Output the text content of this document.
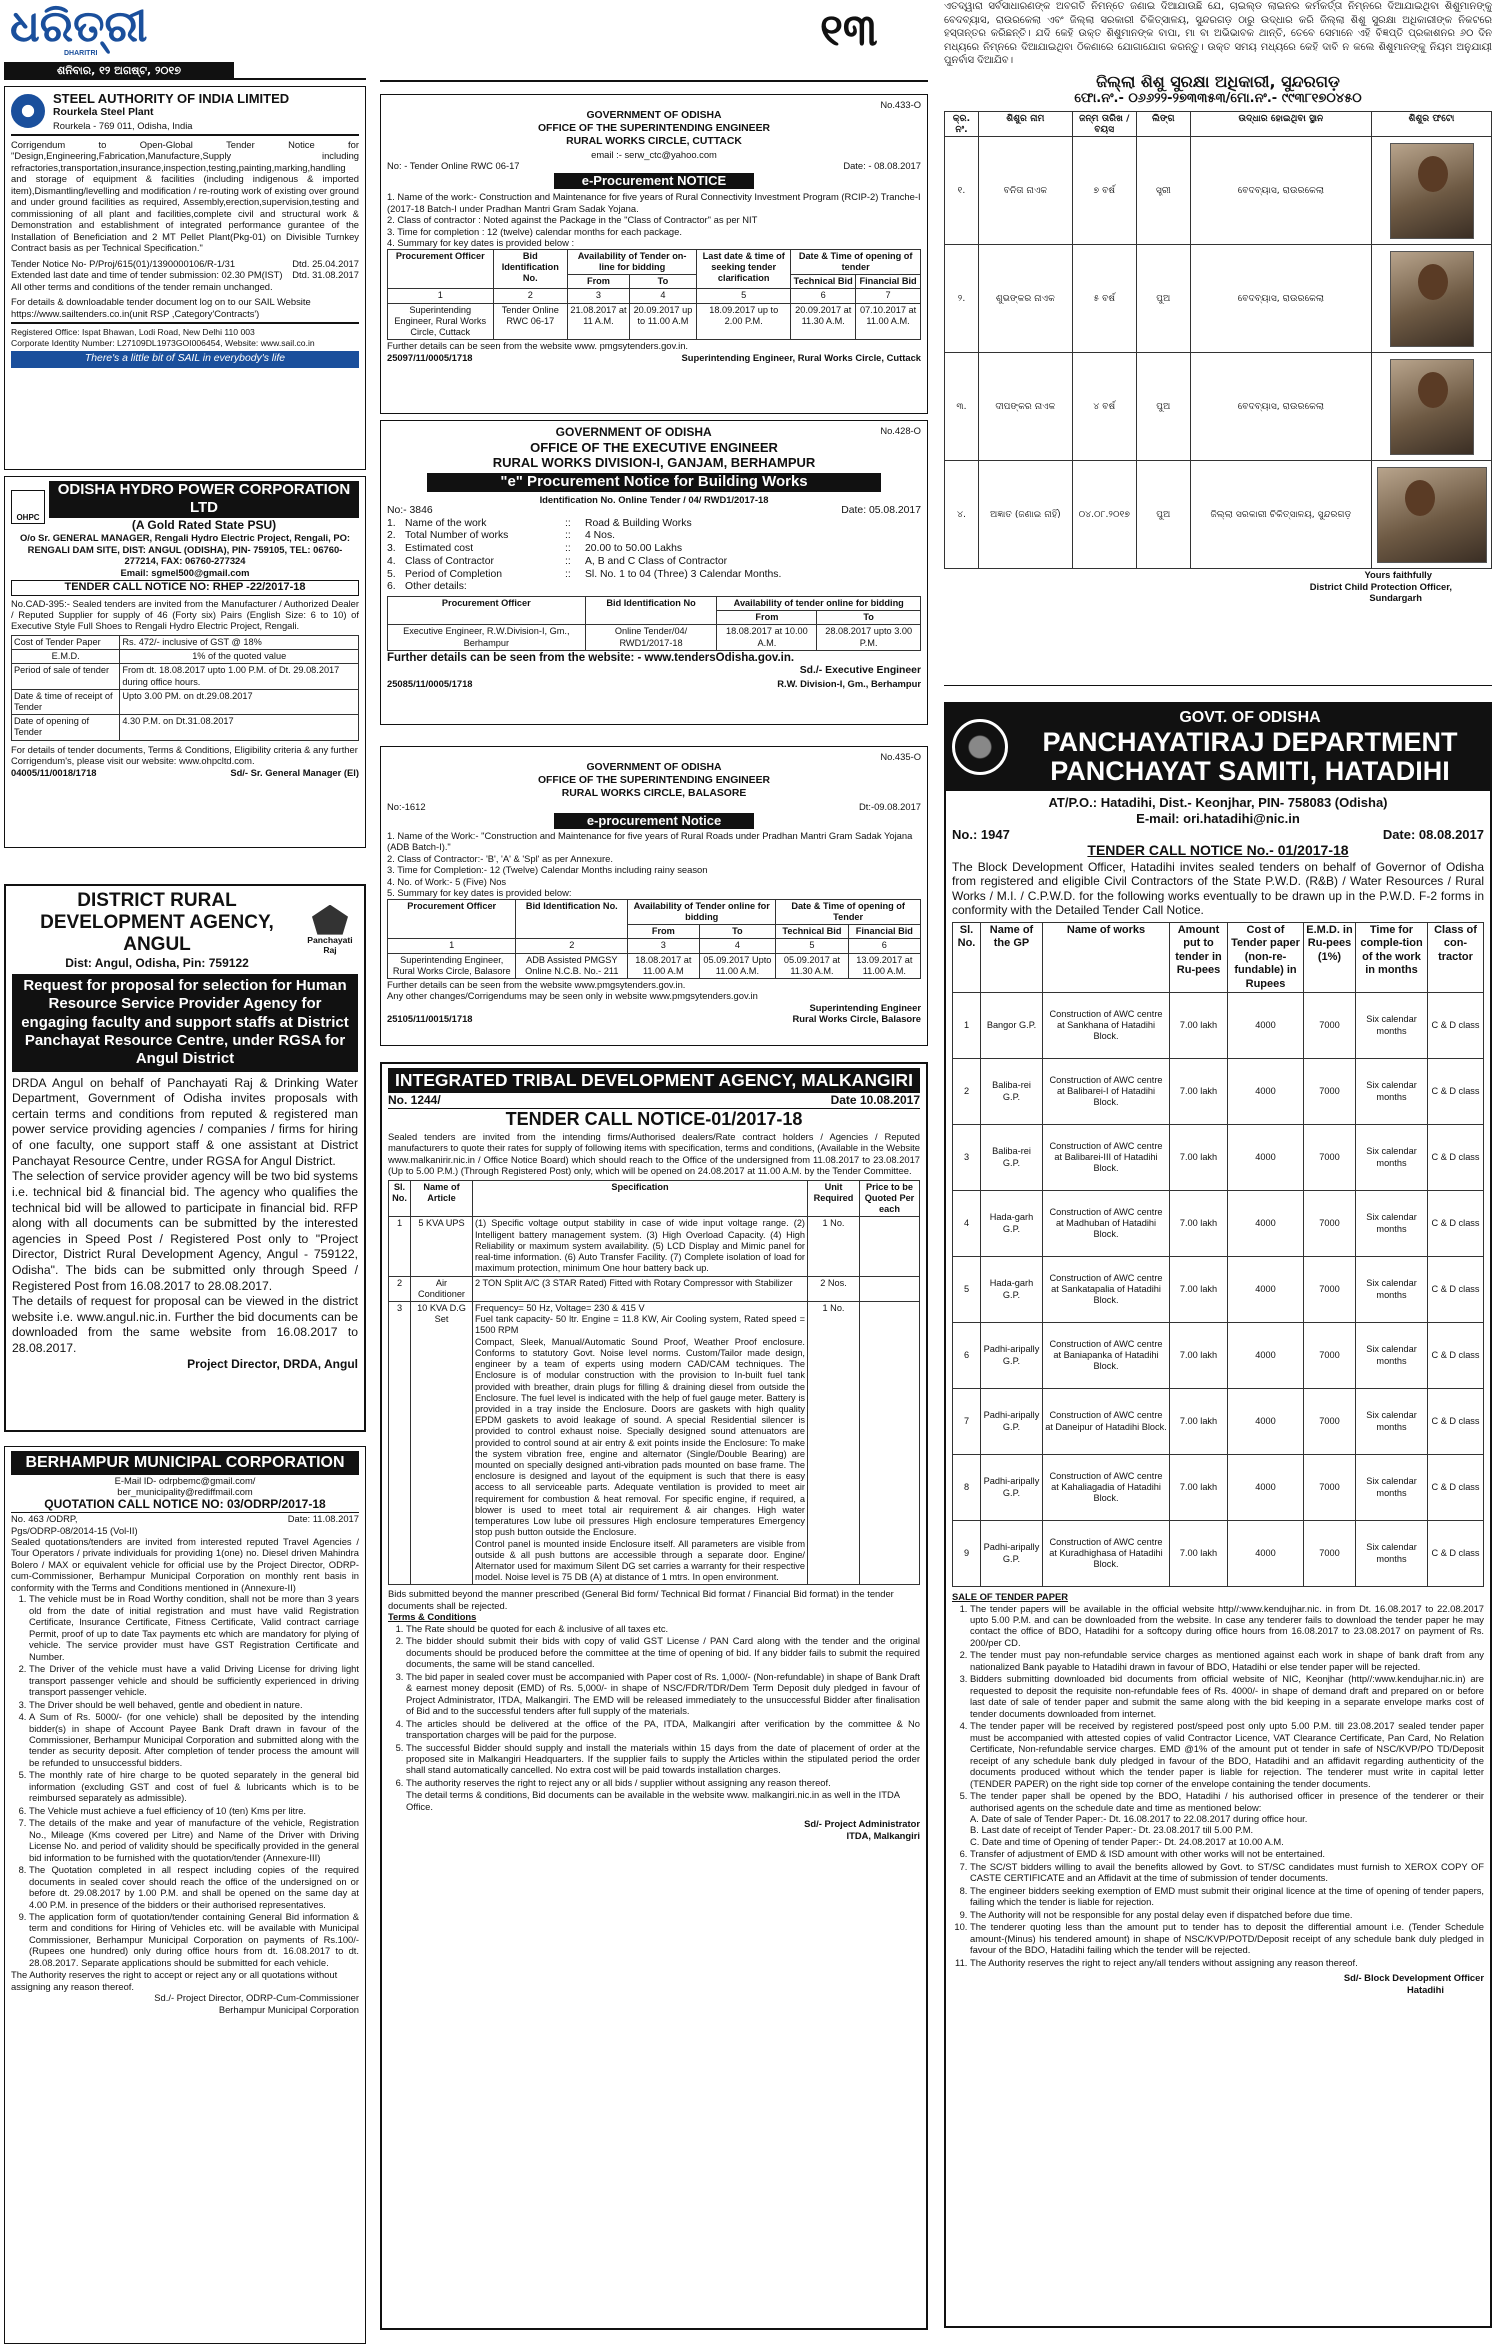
ଧରିତ୍ରୀ
DHARITRI
ଶନିବାର, ୧୨ ଅଗଷ୍ଟ, ୨୦୧୭
STEEL AUTHORITY OF INDIA LIMITED
Rourkela Steel Plant
Rourkela - 769 011, Odisha, India
Corrigendum to Open-Global Tender Notice for "Design,Engineering,Fabrication,Manufacture,Supply including refractories,transportation,insurance,inspection,testing,painting,marking,handling and storage of equipment & facilities (including indigenous & imported item),Dismantling/levelling and modification / re-routing work of existing over ground and under ground facilities as required, Assembly,erection,supervision,testing and commissioning of all plant and facilities,complete civil and structural work & Demonstration and establishment of integrated performance gurantee of the Installation of Beneficiation and 2 MT Pellet Plant(Pkg-01) on Divisible Turnkey Contract basis as per Technical Specification."
Tender Notice No- P/Proj/615(01)/1390000106/R-1/31	Dtd. 25.04.2017
Extended last date and time of tender submission: 02.30 PM(IST) Dtd. 31.08.2017
All other terms and conditions of the tender remain unchanged.
For details & downloadable tender document log on to our SAIL Website https://www.sailtenders.co.in(unit RSP ,Category'Contracts')
Registered Office: Ispat Bhawan, Lodi Road, New Delhi 110 003
Corporate Identity Number: L27109DL1973GOI006454, Website: www.sail.co.in
There's a little bit of SAIL in everybody's life
OHPC
ODISHA HYDRO POWER CORPORATION LTD
(A Gold Rated State PSU)
O/o Sr. GENERAL MANAGER, Rengali Hydro Electric Project, Rengali, PO: RENGALI DAM SITE, DIST: ANGUL (ODISHA), PIN- 759105, TEL: 06760-277214, FAX: 06760-277324
Email: sgmel500@gmail.com
TENDER CALL NOTICE NO: RHEP -22/2017-18
No.CAD-395:- Sealed tenders are invited from the Manufacturer / Authorized Dealer / Reputed Supplier for supply of 46 (Forty six) Pairs (English Size: 6 to 10) of Executive Style Full Shoes to Rengali Hydro Electric Project, Rengali.
Cost of Tender Paper	Rs. 472/- inclusive of GST @ 18%
E.M.D.	1% of the quoted value
Period of sale of tender	From dt. 18.08.2017 upto 1.00 P.M. of Dt. 29.08.2017 during office hours.
Date & time of receipt of Tender	Upto 3.00 PM. on dt.29.08.2017
Date of opening of Tender	4.30 P.M. on Dt.31.08.2017
For details of tender documents, Terms & Conditions, Eligibility criteria & any further Corrigendum's, please visit our website: www.ohpcltd.com.
04005/11/0018/1718	Sd/- Sr. General Manager (El)
DISTRICT RURAL DEVELOPMENT AGENCY, ANGUL
Dist: Angul, Odisha, Pin: 759122
Panchayati Raj
Request for proposal for selection for Human Resource Service Provider Agency for engaging faculty and support staffs at District Panchayat Resource Centre, under RGSA for Angul District
DRDA Angul on behalf of Panchayati Raj & Drinking Water Department, Government of Odisha invites proposals with certain terms and conditions from reputed & registered man power service providing agencies / companies / firms for hiring of one faculty, one support staff & one assistant at District Panchayat Resource Centre, under RGSA for Angul District.
The selection of service provider agency will be two bid systems i.e. technical bid & financial bid. The agency who qualifies the technical bid will be allowed to participate in financial bid. RFP along with all documents can be submitted by the interested agencies in Speed Post / Registered Post only to "Project Director, District Rural Development Agency, Angul - 759122, Odisha". The bids can be submitted only through Speed / Registered Post from 16.08.2017 to 28.08.2017.
The details of request for proposal can be viewed in the district website i.e. www.angul.nic.in. Further the bid documents can be downloaded from the same website from 16.08.2017 to 28.08.2017.
Project Director, DRDA, Angul
BERHAMPUR MUNICIPAL CORPORATION
E-Mail ID- odrpbemc@gmail.com/
ber_municipality@rediffmail.com
QUOTATION CALL NOTICE NO: 03/ODRP/2017-18
No. 463 /ODRP,	Date: 11.08.2017
Pgs/ODRP-08/2014-15 (Vol-II)
Sealed quotations/tenders are invited from interested reputed Travel Agencies / Tour Operators / private individuals for providing 1(one) no. Diesel driven Mahindra Bolero / MAX or equivalent vehicle for official use by the Project Director, ODRP-cum-Commissioner, Berhampur Municipal Corporation on monthly rent basis in conformity with the Terms and Conditions mentioned in (Annexure-II)
1. The vehicle must be in Road Worthy condition, shall not be more than 3 years old from the date of initial registration and must have valid Registration Certificate, Insurance Certificate, Fitness Certificate, Valid contract carriage Permit, proof of up to date Tax payments etc which are mandatory for plying of vehicle. The service provider must have GST Registration Certificate and Number.
2. The Driver of the vehicle must have a valid Driving License for driving light transport passenger vehicle and should be sufficiently experienced in driving transport passenger vehicle.
3. The Driver should be well behaved, gentle and obedient in nature.
4. A Sum of Rs. 5000/- (for one vehicle) shall be deposited by the intending bidder(s) in shape of Account Payee Bank Draft drawn in favour of the Commissioner, Berhampur Municipal Corporation and submitted along with the tender as security deposit. After completion of tender process the amount will be refunded to unsuccessful bidders.
5. The monthly rate of hire charge to be quoted separately in the general bid information (excluding GST and cost of fuel & lubricants which is to be reimbursed separately as admissible).
6. The Vehicle must achieve a fuel efficiency of 10 (ten) Kms per litre.
7. The details of the make and year of manufacture of the vehicle, Registration No., Mileage (Kms covered per Litre) and Name of the Driver with Driving License No. and period of validity should be specifically provided in the general bid information to be furnished with the quotation/tender (Annexure-III)
8. The Quotation completed in all respect including copies of the required documents in sealed cover should reach the office of the undersigned on or before dt. 29.08.2017 by 1.00 P.M. and shall be opened on the same day at 4.00 P.M. in presence of the bidders or their authorised representatives.
9. The application form of quotation/tender containing General Bid information & term and conditions for Hiring of Vehicles etc. will be available with Municipal Commissioner, Berhampur Municipal Corporation on payments of Rs.100/- (Rupees one hundred) only during office hours from dt. 16.08.2017 to dt. 28.08.2017. Separate applications should be submitted for each vehicle.
The Authority reserves the right to accept or reject any or all quotations without assigning any reason thereof.
Sd./- Project Director, ODRP-Cum-Commissioner
Berhampur Municipal Corporation
୧୩
No.433-O
GOVERNMENT OF ODISHA
OFFICE OF THE SUPERINTENDING ENGINEER
RURAL WORKS CIRCLE, CUTTACK
email :- serw_ctc@yahoo.com
No: - Tender Online RWC 06-17	Date: - 08.08.2017
e-Procurement NOTICE
1. Name of the work:- Construction and Maintenance for five years of Rural Connectivity Investment Program (RCIP-2) Tranche-I (2017-18 Batch-I under Pradhan Mantri Gram Sadak Yojana.
2. Class of contractor : Noted against the Package in the "Class of Contractor" as per NIT
3. Time for completion : 12 (twelve) calendar months for each package.
4. Summary for key dates is provided below :
Procurement Officer	Bid Identification No.	Availability of Tender on-line for bidding		Last date & time of seeking tender clarification	Date & Time of opening of tender	
		From	To		Technical Bid	Financial Bid
1	2	3	4	5	6	7
Superintending Engineer, Rural Works Circle, Cuttack	Tender Online RWC 06-17	21.08.2017 at 11 A.M.	20.09.2017 up to 11.00 A.M	18.09.2017 up to 2.00 P.M.	20.09.2017 at 11.30 A.M.	07.10.2017 at 11.00 A.M.
Further details can be seen from the website www. pmgsytenders.gov.in.
25097/11/0005/1718	Superintending Engineer, Rural Works Circle, Cuttack
GOVERNMENT OF ODISHA	No.428-O
OFFICE OF THE EXECUTIVE ENGINEER
RURAL WORKS DIVISION-I, GANJAM, BERHAMPUR
"e" Procurement Notice for Building Works
Identification No. Online Tender / 04/ RWD1/2017-18
No:- 3846	Date: 05.08.2017
1. Name of the work	::	Road & Building Works
2. Total Number of works	::	4 Nos.
3. Estimated cost	::	20.00 to 50.00 Lakhs
4. Class of Contractor	::	A, B and C Class of Contractor
5. Period of Completion	::	Sl. No. 1 to 04 (Three) 3 Calendar Months.
6. Other details:
Procurement Officer	Bid Identification No	Availability of tender online for bidding	
		From	To
Executive Engineer, R.W.Division-I, Gm., Berhampur	Online Tender/04/ RWD1/2017-18	18.08.2017 at 10.00 A.M.	28.08.2017 upto 3.00 P.M.
Further details can be seen from the website: - www.tendersOdisha.gov.in.
Sd./- Executive Engineer
25085/11/0005/1718	R.W. Division-I, Gm., Berhampur
No.435-O
GOVERNMENT OF ODISHA
OFFICE OF THE SUPERINTENDING ENGINEER
RURAL WORKS CIRCLE, BALASORE
No:-1612	Dt:-09.08.2017
e-procurement Notice
1. Name of the Work:- "Construction and Maintenance for five years of Rural Roads under Pradhan Mantri Gram Sadak Yojana (ADB Batch-I)."
2. Class of Contractor:- 'B', 'A' & 'Spl' as per Annexure.
3. Time for Completion:- 12 (Twelve) Calendar Months including rainy season
4. No. of Work:- 5 (Five) Nos
5. Summary for key dates is provided below:
Procurement Officer	Bid Identification No.	Availability of Tender online for bidding		Date & Time of opening of Tender	
		From	To	Technical Bid	Financial Bid
1	2	3	4	5	6
Superintending Engineer, Rural Works Circle, Balasore	ADB Assisted PMGSY Online N.C.B. No.- 211	18.08.2017 at 11.00 A.M	05.09.2017 Upto 11.00 A.M.	05.09.2017 at 11.30 A.M.	13.09.2017 at 11.00 A.M.
Further details can be seen from the website www.pmgsytenders.gov.in.
Any other changes/Corrigendums may be seen only in website www.pmgsytenders.gov.in
Superintending Engineer
25105/11/0015/1718	Rural Works Circle, Balasore
INTEGRATED TRIBAL DEVELOPMENT AGENCY, MALKANGIRI
No. 1244/	Date 10.08.2017
TENDER CALL NOTICE-01/2017-18
Sealed tenders are invited from the intending firms/Authorised dealers/Rate contract holders / Agencies / Reputed manufacturers to quote their rates for supply of following items with specification, terms and conditions, (Available in the Website www.malkanirir.nic.in / Office Notice Board) which should reach to the Office of the undersigned from 11.08.2017 to 23.08.2017 (Up to 5.00 P.M.) (Through Registered Post) only, which will be opened on 24.08.2017 at 11.00 A.M. by the Tender Committee.
Sl. No.	Name of Article	Specification	Unit Required	Price to be Quoted Per each
1	5 KVA UPS	(1) Specific voltage output stability in case of wide input voltage range. (2) Intelligent battery management system. (3) High Overload Capacity. (4) High Reliability or maximum system availability. (5) LCD Display and Mimic panel for real-time information. (6) Auto Transfer Facility. (7) Complete isolation of load for maximum protection, minimum One hour battery back up.	1 No.	
2	Air Conditioner	2 TON Split A/C (3 STAR Rated) Fitted with Rotary Compressor with Stabilizer	2 Nos.	
3	10 KVA D.G Set	Frequency= 50 Hz, Voltage= 230 & 415 V
Fuel tank capacity- 50 ltr. Engine = 11.8 KW, Air Cooling system, Rated speed = 1500 RPM
Compact, Sleek, Manual/Automatic Sound Proof, Weather Proof enclosure. Conforms to statutory Govt. Noise level norms. Custom/Tailor made design, engineer by a team of experts using modern CAD/CAM techniques. The Enclosure is of modular construction with the provision to In-built fuel tank provided with breather, drain plugs for filling & draining diesel from outside the Enclosure. The fuel level is indicated with the help of fuel gauge meter. Battery is provided in a tray inside the Enclosure. Doors are gaskets with high quality EPDM gaskets to avoid leakage of sound. A special Residential silencer is provided to control exhaust noise. Specially designed sound attenuators are provided to control sound at air entry & exit points inside the Enclosure: To make the system vibration free, engine and alternator (Single/Double Bearing) are mounted on specially designed anti-vibration pads mounted on base frame. The enclosure is designed and layout of the equipment is such that there is easy access to all serviceable parts. Adequate ventilation is provided to meet air requirement for combustion & heat removal. For specific engine, if required, a blower is used to meet total air requirement & air changes. High water temperatures Low lube oil pressures High enclosure temperatures Emergency stop push button outside the Enclosure.
Control panel is mounted inside Enclosure itself. All parameters are visible from outside & all push buttons are accessible through a separate door. Engine/ Alternator used for maximum Silent DG set carries a warranty for their respective model. Noise level is 75 DB (A) at distance of 1 mtrs. In open environment.	1 No.	
Bids submitted beyond the manner prescribed (General Bid form/ Technical Bid format / Financial Bid format) in the tender documents shall be rejected.
Terms & Conditions
1. The Rate should be quoted for each & inclusive of all taxes etc.
2. The bidder should submit their bids with copy of valid GST License / PAN Card along with the tender and the original documents should be produced before the committee at the time of opening of bid. If any bidder fails to submit the required documents, the same will be stand cancelled.
3. The bid paper in sealed cover must be accompanied with Paper cost of Rs. 1,000/- (Non-refundable) in shape of Bank Draft & earnest money deposit (EMD) of Rs. 5,000/- in shape of NSC/FDR/TDR/Dem Term Deposit duly pledged in favour of Project Administrator, ITDA, Malkangiri. The EMD will be released immediately to the unsuccessful Bidder after finalisation of Bid and to the successful tenders after full supply of the materials.
4. The articles should be delivered at the office of the PA, ITDA, Malkangiri after verification by the committee & No transportation charges will be paid for the purpose.
5. The successful Bidder should supply and install the materials within 15 days from the date of placement of order at the proposed site in Malkangiri Headquarters. If the supplier fails to supply the Articles within the stipulated period the order shall stand automatically cancelled. No extra cost will be paid towards installation charges.
6. The authority reserves the right to reject any or all bids / supplier without assigning any reason thereof.
The detail terms & conditions, Bid documents can be available in the website www. malkangiri.nic.in as well in the ITDA Office.
Sd/- Project Administrator
ITDA, Malkangiri
ଏତଦ୍ୱାରା ସର୍ବସାଧାରଣଙ୍କ ଅବଗତି ନିମନ୍ତେ ଜଣାଇ ଦିଆଯାଉଛି ଯେ, ଚାଇଲ୍ଡ ଲାଇନର କର୍ମକର୍ତ୍ତା ନିମ୍ନରେ ଦିଆଯାଇଥିବା ଶିଶୁମାନଙ୍କୁ ବେଦବ୍ୟାସ, ରାଉରକେଲା ଏବଂ ଜିଲ୍ଲା ସରକାରୀ ଚିକିତ୍ସାଳୟ, ସୁନ୍ଦରଗଡ଼ ଠାରୁ ଉଦ୍ଧାର କରି ଜିଲ୍ଲା ଶିଶୁ ସୁରକ୍ଷା ଅଧିକାରୀଙ୍କ ନିକଟରେ ହସ୍ତାନ୍ତର କରିଛନ୍ତି। ଯଦି କେହି ଉକ୍ତ ଶିଶୁମାନଙ୍କ ବାପା, ମା ବା ଅଭିଭାବକ ଥାନ୍ତି, ତେବେ ସେମାନେ ଏହି ବିଜ୍ଞପ୍ତି ପ୍ରକାଶନର ୬୦ ଦିନ ମଧ୍ୟରେ ନିମ୍ନରେ ଦିଆଯାଇଥିବା ଠିକଣାରେ ଯୋଗାଯୋଗ କରନ୍ତୁ। ଉକ୍ତ ସମୟ ମଧ୍ୟରେ କେହି ଦାବି ନ କଲେ ଶିଶୁମାନଙ୍କୁ ନିୟମ ଅନୁଯାୟୀ ପୁନର୍ବାସ ଦିଆଯିବ।
ଜିଲ୍ଲା ଶିଶୁ ସୁରକ୍ଷା ଅଧିକାରୀ, ସୁନ୍ଦରଗଡ଼
ଫୋ.ନଂ.- ୦୬୬୨୨-୨୭୩୩୫୩/ମୋ.ନଂ.- ୯୯୩୮୧୭୦୪୫୦
କ୍ର. ନଂ.	ଶିଶୁର ନାମ	ଜନ୍ମ ତାରିଖ / ବୟସ	ଲିଙ୍ଗ	ଉଦ୍ଧାର ହୋଇଥିବା ସ୍ଥାନ	ଶିଶୁର ଫଟୋ
୧.	ବନିତା ନାଏକ	୭ ବର୍ଷ	ସ୍ତ୍ରୀ	ବେଦବ୍ୟାସ, ରାଉରକେଲା	

୨.	ଶୁଭଙ୍କର ନାଏକ	୫ ବର୍ଷ	ପୁଅ	ବେଦବ୍ୟାସ, ରାଉରକେଲା	

୩.	ଦୀପଙ୍କର ନାଏକ	୪ ବର୍ଷ	ପୁଅ	ବେଦବ୍ୟାସ, ରାଉରକେଲା	

୪.	ଅଜ୍ଞାତ (ଜଣାଇ ନାହିଁ)	୦୪.୦୮.୨୦୧୭	ପୁଅ	ଜିଲ୍ଲା ସରକାରୀ ଚିକିତ୍ସାଳୟ, ସୁନ୍ଦରଗଡ଼	
Yours faithfully
District Child Protection Officer,
Sundargarh
GOVT. OF ODISHA
PANCHAYATIRAJ DEPARTMENT
PANCHAYAT SAMITI, HATADIHI
AT/P.O.: Hatadihi, Dist.- Keonjhar, PIN- 758083 (Odisha)
E-mail: ori.hatadihi@nic.in
No.: 1947	Date: 08.08.2017
TENDER CALL NOTICE No.- 01/2017-18
The Block Development Officer, Hatadihi invites sealed tenders on behalf of Governor of Odisha from registered and eligible Civil Contractors of the State P.W.D. (R&B) / Water Resources / Rural Works / M.I. / C.P.W.D. for the following works eventually to be drawn up in the P.W.D. F-2 forms in conformity with the Detailed Tender Call Notice.
Sl. No.	Name of the GP	Name of works	Amount put to tender in Ru-pees	Cost of Tender paper (non-re-fundable) in Rupees	E.M.D. in Ru-pees (1%)	Time for comple-tion of the work in months	Class of con-tractor
1	Bangor G.P.	Construction of AWC centre at Sankhana of Hatadihi Block.	7.00 lakh	4000	7000	Six calendar months	C & D class
2	Baliba-rei G.P.	Construction of AWC centre at Balibarei-I of Hatadihi Block.	7.00 lakh	4000	7000	Six calendar months	C & D class
3	Baliba-rei G.P.	Construction of AWC centre at Balibarei-III of Hatadihi Block.	7.00 lakh	4000	7000	Six calendar months	C & D class
4	Hada-garh G.P.	Construction of AWC centre at Madhuban of Hatadihi Block.	7.00 lakh	4000	7000	Six calendar months	C & D class
5	Hada-garh G.P.	Construction of AWC centre at Sankatapalia of Hatadihi Block.	7.00 lakh	4000	7000	Six calendar months	C & D class
6	Padhi-aripally G.P.	Construction of AWC centre at Baniapanka of Hatadihi Block.	7.00 lakh	4000	7000	Six calendar months	C & D class
7	Padhi-aripally G.P.	Construction of AWC centre at Daneipur of Hatadihi Block.	7.00 lakh	4000	7000	Six calendar months	C & D class
8	Padhi-aripally G.P.	Construction of AWC centre at Kahaliagadia of Hatadihi Block.	7.00 lakh	4000	7000	Six calendar months	C & D class
9	Padhi-aripally G.P.	Construction of AWC centre at Kuradhighasa of Hatadihi Block.	7.00 lakh	4000	7000	Six calendar months	C & D class
SALE OF TENDER PAPER
1. The tender papers will be available in the official website http//:www.kendujhar.nic. in from Dt. 16.08.2017 to 22.08.2017 upto 5.00 P.M. and can be downloaded from the website. In case any tenderer fails to download the tender paper he may contact the office of BDO, Hatadihi for a softcopy during office hours from 16.08.2017 to 23.08.2017 on payment of Rs. 200/per CD.
2. The tender must pay non-refundable service charges as mentioned against each work in shape of bank draft from any nationalized Bank payable to Hatadihi drawn in favour of BDO, Hatadihi or else tender paper will be rejected.
3. Bidders submitting downloaded bid documents from official website of NIC, Keonjhar (http//:www.kendujhar.nic.in) are requested to deposit the requisite non-refundable fees of Rs. 4000/- in shape of demand draft and prepared on or before last date of sale of tender paper and submit the same along with the bid keeping in a separate envelope marks cost of tender documents downloaded from internet.
4. The tender paper will be received by registered post/speed post only upto 5.00 P.M. till 23.08.2017 sealed tender paper must be accompanied with attested copies of valid Contractor Licence, VAT Clearance Certificate, Pan Card, No Relation Certificate, Non-refundable service charges. EMD @1% of the amount put ot tender in safe of NSC/KVP/PO TD/Deposit receipt of any schedule bank duly pledged in favour of the BDO, Hatadihi and an affidavit regarding authenticity of the documents produced without which the tender paper is liable for rejection. The tenderer must write in capital letter (TENDER PAPER) on the right side top corner of the envelope containing the tender documents.
5. The tender paper shall be opened by the BDO, Hatadihi / his authorised officer in presence of the tenderer or their authorised agents on the schedule date and time as mentioned below:
A. Date of sale of Tender Paper:- Dt. 16.08.2017 to 22.08.2017 during office hour.
B. Last date of receipt of Tender Paper:- Dt. 23.08.2017 till 5.00 P.M.
C. Date and time of Opening of tender Paper:- Dt. 24.08.2017 at 10.00 A.M.
6. Transfer of adjustment of EMD & ISD amount with other works will not be entertained.
7. The SC/ST bidders willing to avail the benefits allowed by Govt. to ST/SC candidates must furnish to XEROX COPY OF CASTE CERTIFICATE and an Affidavit at the time of submission of tender documents.
8. The engineer bidders seeking exemption of EMD must submit their original licence at the time of opening of tender papers, failing which the tender is liable for rejection.
9. The Authority will not be responsible for any postal delay even if dispatched before due time.
10. The tenderer quoting less than the amount put to tender has to deposit the differential amount i.e. (Tender Schedule amount-(Minus) his tendered amount) in shape of NSC/KVP/POTD/Deposit receipt of any schedule bank duly pledged in favour of the BDO, Hatadihi failing which the tender will be rejected.
11. The Authority reserves the right to reject any/all tenders without assigning any reason thereof.
Sd/- Block Development Officer
Hatadihi
